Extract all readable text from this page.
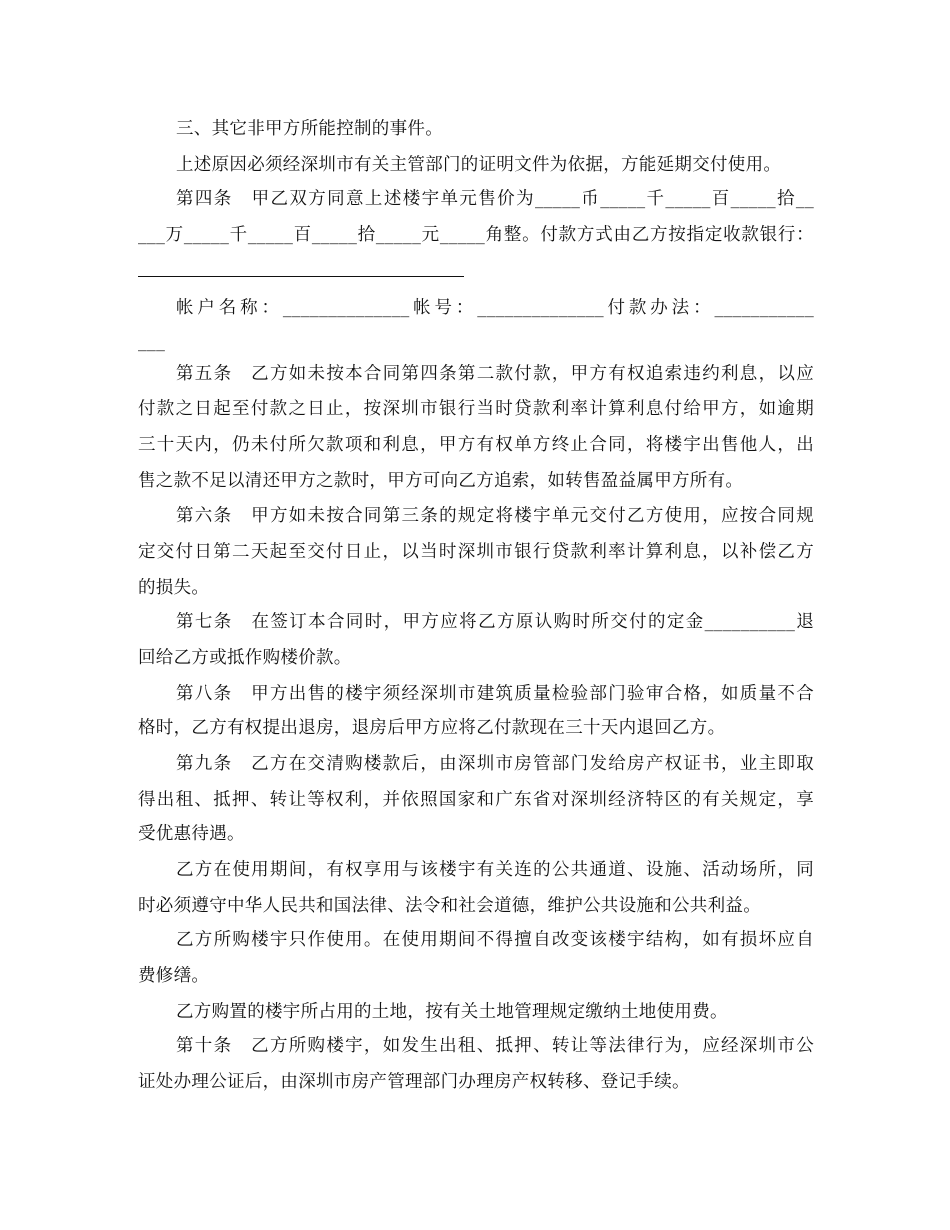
三、其它非甲方所能控制的事件。
上述原因必须经深圳市有关主管部门的证明文件为依据，方能延期交付使用。
第四条　甲乙双方同意上述楼宇单元售价为_____币_____千_____百_____拾__
___万_____千_____百_____拾_____元_____角整。付款方式由乙方按指定收款银行：
帐户名称：______________帐号：______________付款办法：___________
___
第五条　乙方如未按本合同第四条第二款付款，甲方有权追索违约利息，以应
付款之日起至付款之日止，按深圳市银行当时贷款利率计算利息付给甲方，如逾期
三十天内，仍未付所欠款项和利息，甲方有权单方终止合同，将楼宇出售他人，出
售之款不足以清还甲方之款时，甲方可向乙方追索，如转售盈益属甲方所有。
第六条　甲方如未按合同第三条的规定将楼宇单元交付乙方使用，应按合同规
定交付日第二天起至交付日止，以当时深圳市银行贷款利率计算利息，以补偿乙方
的损失。
第七条　在签订本合同时，甲方应将乙方原认购时所交付的定金__________退
回给乙方或抵作购楼价款。
第八条　甲方出售的楼宇须经深圳市建筑质量检验部门验审合格，如质量不合
格时，乙方有权提出退房，退房后甲方应将乙付款现在三十天内退回乙方。
第九条　乙方在交清购楼款后，由深圳市房管部门发给房产权证书，业主即取
得出租、抵押、转让等权利，并依照国家和广东省对深圳经济特区的有关规定，享
受优惠待遇。
乙方在使用期间，有权享用与该楼宇有关连的公共通道、设施、活动场所，同
时必须遵守中华人民共和国法律、法令和社会道德，维护公共设施和公共利益。
乙方所购楼宇只作使用。在使用期间不得擅自改变该楼宇结构，如有损坏应自
费修缮。
乙方购置的楼宇所占用的土地，按有关土地管理规定缴纳土地使用费。
第十条　乙方所购楼宇，如发生出租、抵押、转让等法律行为，应经深圳市公
证处办理公证后，由深圳市房产管理部门办理房产权转移、登记手续。
